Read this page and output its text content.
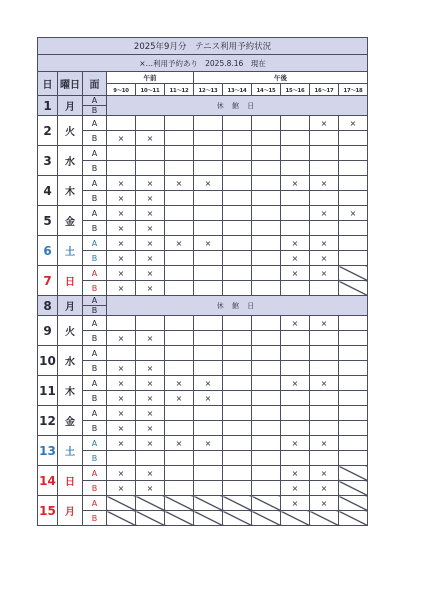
2025年9月分　テニス利用予約状況											
×…利用予約あり 2025.8.16　現在											
日	曜日	面	午前			午後					
			9～10	10～11	11～12	12～13	13～14	14～15	15～16	16～17	17～18
1	月	A	休 館 日								
		B									
2	火	A								×	×
		B	×	×							
3	水	A									
		B									
4	木	A	×	×	×	×			×	×	
		B	×	×							
5	金	A	×	×						×	×
		B	×	×							
6	土	A	×	×	×	×			×	×	
		B	×	×					×	×	
7	日	A	×	×					×	×	
		B	×	×							
8	月	A	休 館 日								
		B									
9	火	A							×	×	
		B	×	×							
10	水	A									
		B	×	×							
11	木	A	×	×	×	×			×	×	
		B	×	×	×	×					
12	金	A	×	×							
		B	×	×							
13	土	A	×	×	×	×			×	×	
		B									
14	日	A	×	×					×	×	
		B	×	×					×	×	
15	月	A							×	×	
		B									
